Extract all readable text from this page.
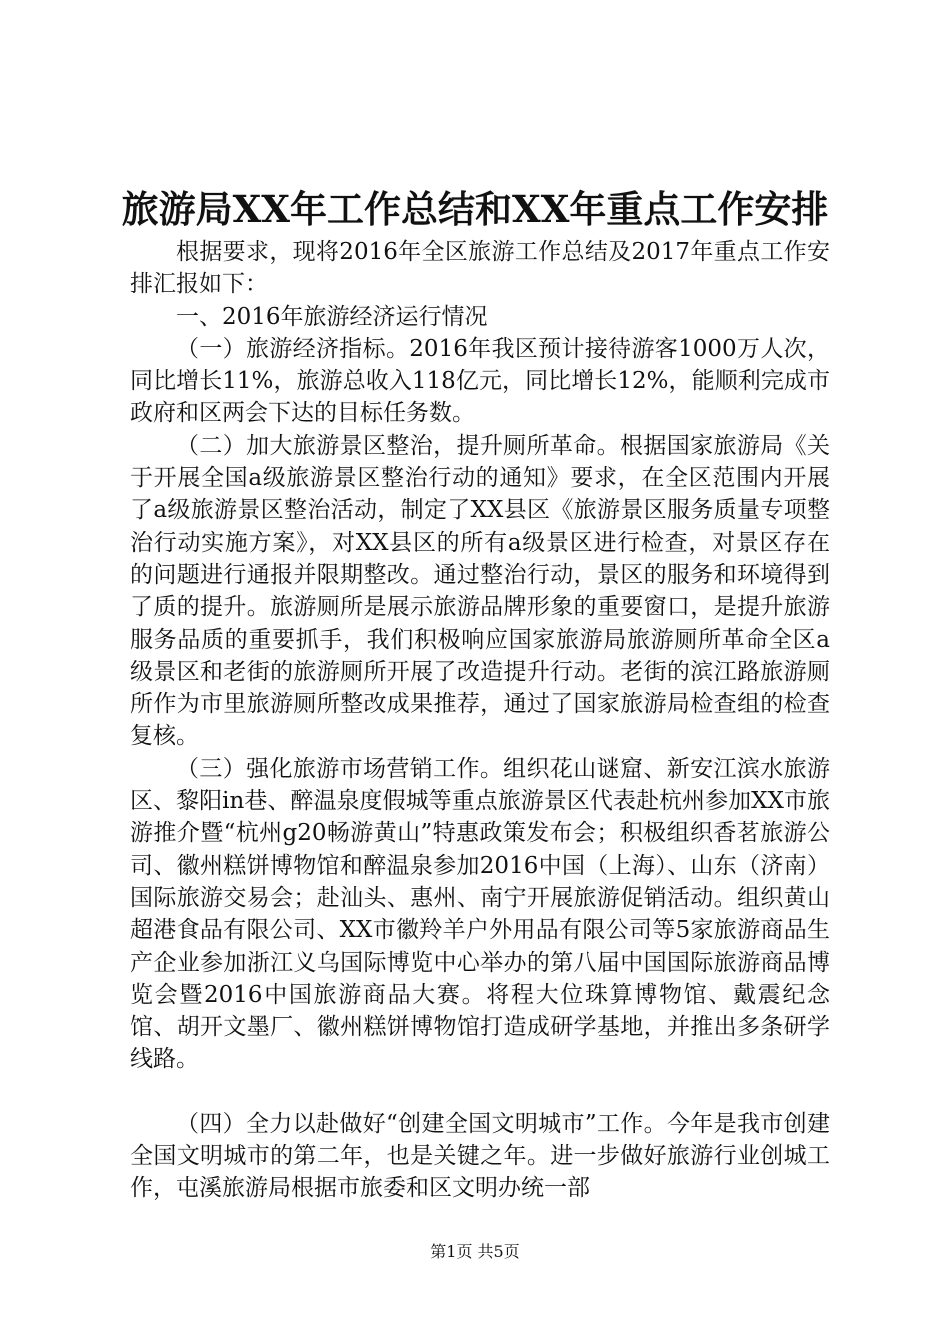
旅游局XX年工作总结和XX年重点工作安排

根据要求，现将2016年全区旅游工作总结及2017年重点工作安排汇报如下：

一、2016年旅游经济运行情况

（一）旅游经济指标。2016年我区预计接待游客1000万人次，同比增长11%，旅游总收入118亿元，同比增长12%，能顺利完成市政府和区两会下达的目标任务数。

（二）加大旅游景区整治，提升厕所革命。根据国家旅游局《关于开展全国a级旅游景区整治行动的通知》要求，在全区范围内开展了a级旅游景区整治活动，制定了XX县区《旅游景区服务质量专项整治行动实施方案》，对XX县区的所有a级景区进行检查，对景区存在的问题进行通报并限期整改。通过整治行动，景区的服务和环境得到了质的提升。旅游厕所是展示旅游品牌形象的重要窗口，是提升旅游服务品质的重要抓手，我们积极响应国家旅游局旅游厕所革命全区a级景区和老街的旅游厕所开展了改造提升行动。老街的滨江路旅游厕所作为市里旅游厕所整改成果推荐，通过了国家旅游局检查组的检查复核。

（三）强化旅游市场营销工作。组织花山谜窟、新安江滨水旅游区、黎阳in巷、醉温泉度假城等重点旅游景区代表赴杭州参加XX市旅游推介暨“杭州g20畅游黄山”特惠政策发布会；积极组织香茗旅游公司、徽州糕饼博物馆和醉温泉参加2016中国（上海）、山东（济南）国际旅游交易会；赴汕头、惠州、南宁开展旅游促销活动。组织黄山超港食品有限公司、XX市徽羚羊户外用品有限公司等5家旅游商品生产企业参加浙江义乌国际博览中心举办的第八届中国国际旅游商品博览会暨2016中国旅游商品大赛。将程大位珠算博物馆、戴震纪念馆、胡开文墨厂、徽州糕饼博物馆打造成研学基地，并推出多条研学线路。

（四）全力以赴做好“创建全国文明城市”工作。今年是我市创建全国文明城市的第二年，也是关键之年。进一步做好旅游行业创城工作，屯溪旅游局根据市旅委和区文明办统一部

第1页 共5页
